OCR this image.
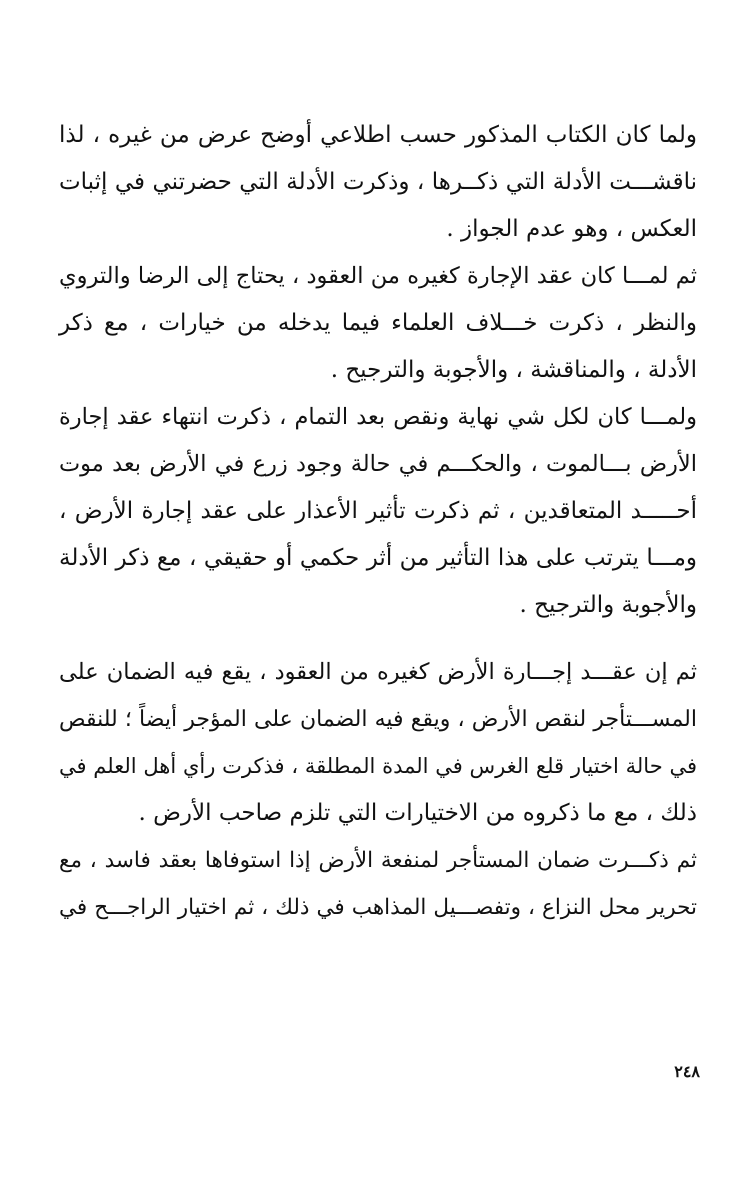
ولما كان الكتاب المذكور حسب اطلاعي أوضح عرض من غيره ، لذا
ناقشـــت الأدلة التي ذكــرها ، وذكرت الأدلة التي حضرتني في إثبات
العكس ، وهو عدم الجواز .
ثم لمـــا كان عقد الإجارة كغيره من العقود ، يحتاج إلى الرضا والتروي
والنظر ، ذكرت خـــلاف العلماء فيما يدخله من خيارات ، مع ذكر
الأدلة ، والمناقشة ، والأجوبة والترجيح .
ولمـــا كان لكل شي نهاية ونقص بعد التمام ، ذكرت انتهاء عقد إجارة
الأرض بـــالموت ، والحكـــم في حالة وجود زرع في الأرض بعد موت
أحـــــد المتعاقدين ، ثم ذكرت تأثير الأعذار على عقد إجارة الأرض ،
ومـــا يترتب على هذا التأثير من أثر حكمي أو حقيقي ، مع ذكر الأدلة
والأجوبة والترجيح .
ثم إن عقـــد إجـــارة الأرض كغيره من العقود ، يقع فيه الضمان على
المســـتأجر لنقص الأرض ، ويقع فيه الضمان على المؤجر أيضاً ؛ للنقص
في حالة اختيار قلع الغرس في المدة المطلقة ، فذكرت رأي أهل العلم في
ذلك ، مع ما ذكروه من الاختيارات التي تلزم صاحب الأرض .
ثم ذكـــرت ضمان المستأجر لمنفعة الأرض إذا استوفاها بعقد فاسد ، مع
تحرير محل النزاع ، وتفصـــيل المذاهب في ذلك ، ثم اختيار الراجـــح في
٢٤٨
